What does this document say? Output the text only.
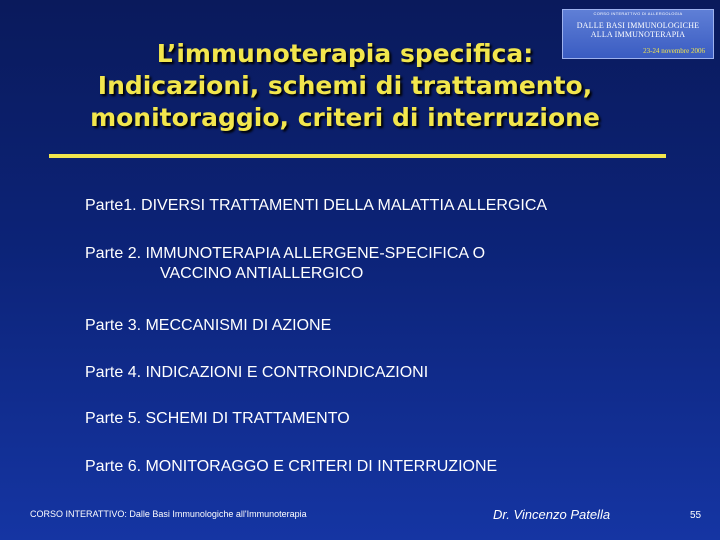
CORSO INTERATTIVO DI ALLERGOLOGIA
DALLE BASI IMMUNOLOGICHE
ALLA IMMUNOTERAPIA
23-24 novembre 2006
L’immunoterapia specifica:
Indicazioni, schemi di trattamento,
monitoraggio, criteri di interruzione
Parte1. DIVERSI TRATTAMENTI DELLA MALATTIA ALLERGICA
Parte 2. IMMUNOTERAPIA ALLERGENE-SPECIFICA O
VACCINO ANTIALLERGICO
Parte 3. MECCANISMI DI AZIONE
Parte 4. INDICAZIONI E CONTROINDICAZIONI
Parte 5. SCHEMI DI TRATTAMENTO
Parte 6. MONITORAGGO E CRITERI DI INTERRUZIONE
CORSO INTERATTIVO: Dalle Basi Immunologiche all'Immunoterapia	Dr. Vincenzo Patella	55
